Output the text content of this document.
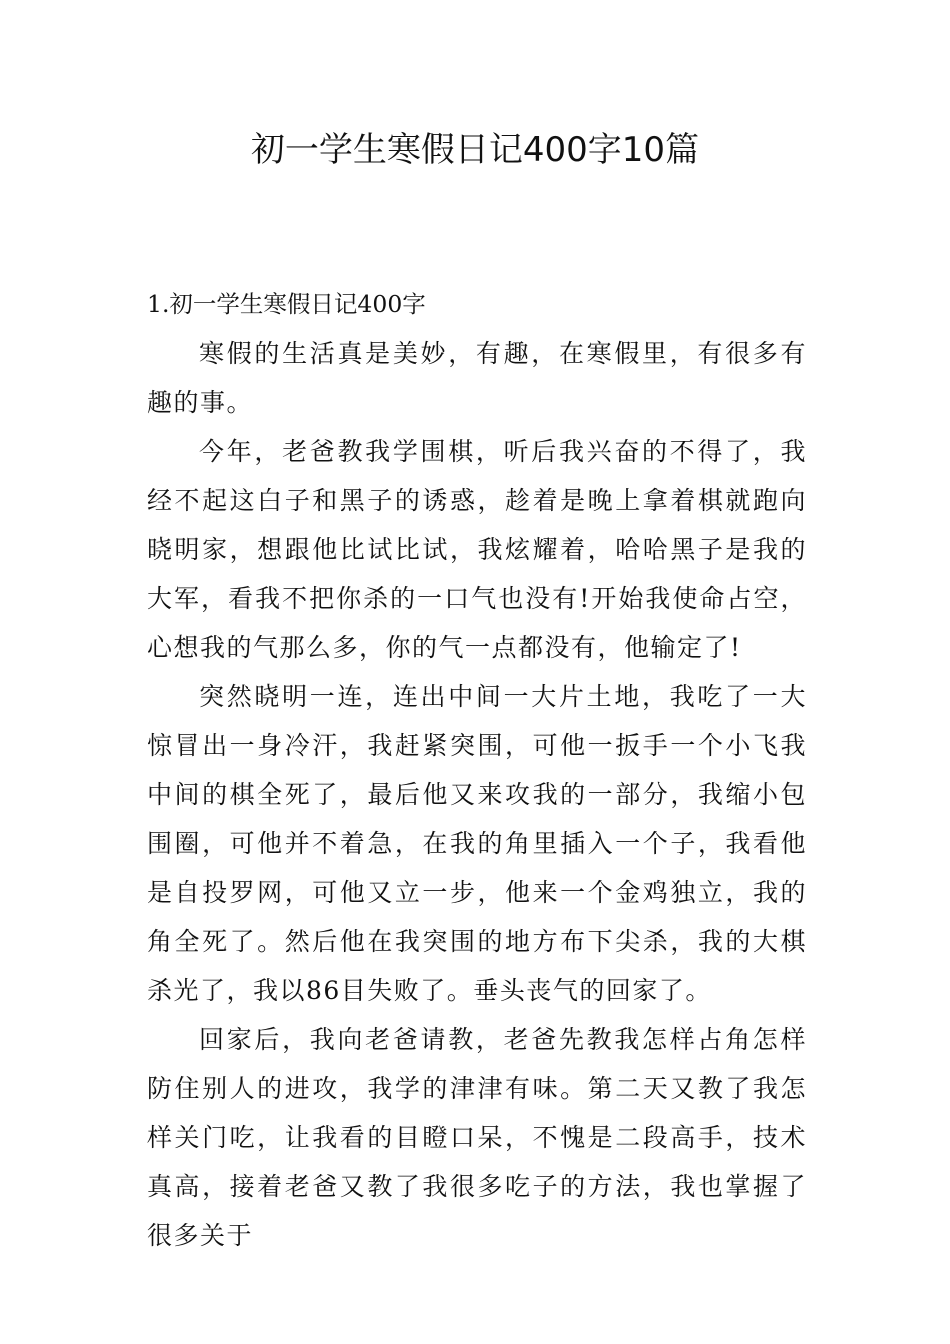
初一学生寒假日记400字10篇

1.初一学生寒假日记400字

寒假的生活真是美妙，有趣，在寒假里，有很多有趣的事。

今年，老爸教我学围棋，听后我兴奋的不得了，我经不起这白子和黑子的诱惑，趁着是晚上拿着棋就跑向晓明家，想跟他比试比试，我炫耀着，哈哈黑子是我的大军，看我不把你杀的一口气也没有!开始我使命占空，心想我的气那么多，你的气一点都没有，他输定了!

突然晓明一连，连出中间一大片土地，我吃了一大惊冒出一身冷汗，我赶紧突围，可他一扳手一个小飞我中间的棋全死了，最后他又来攻我的一部分，我缩小包围圈，可他并不着急，在我的角里插入一个子，我看他是自投罗网，可他又立一步，他来一个金鸡独立，我的角全死了。然后他在我突围的地方布下尖杀，我的大棋杀光了，我以86目失败了。垂头丧气的回家了。

回家后，我向老爸请教，老爸先教我怎样占角怎样防住别人的进攻，我学的津津有味。第二天又教了我怎样关门吃，让我看的目瞪口呆，不愧是二段高手，技术真高，接着老爸又教了我很多吃子的方法，我也掌握了很多关于
